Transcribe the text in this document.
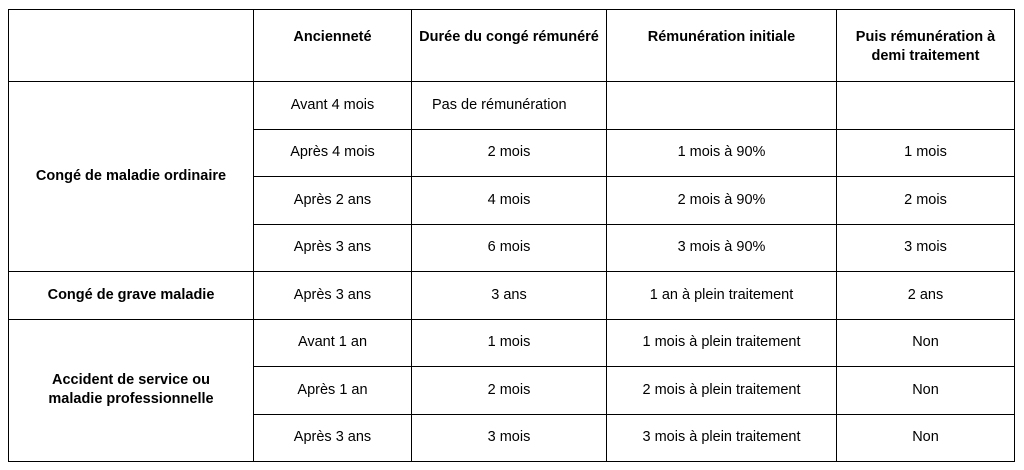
	Ancienneté	Durée du congé rémunéré	Rémunération initiale	Puis rémunération à demi traitement
Congé de maladie ordinaire	Avant 4 mois	Pas de rémunération		
	Après 4 mois	2 mois	1 mois à 90%	1 mois
	Après 2 ans	4 mois	2 mois à 90%	2 mois
	Après 3 ans	6 mois	3 mois à 90%	3 mois
Congé de grave maladie	Après 3 ans	3 ans	1 an à plein traitement	2 ans
Accident de service ou maladie professionnelle	Avant 1 an	1 mois	1 mois à plein traitement	Non
	Après 1 an	2 mois	2 mois à plein traitement	Non
	Après 3 ans	3 mois	3 mois à plein traitement	Non
